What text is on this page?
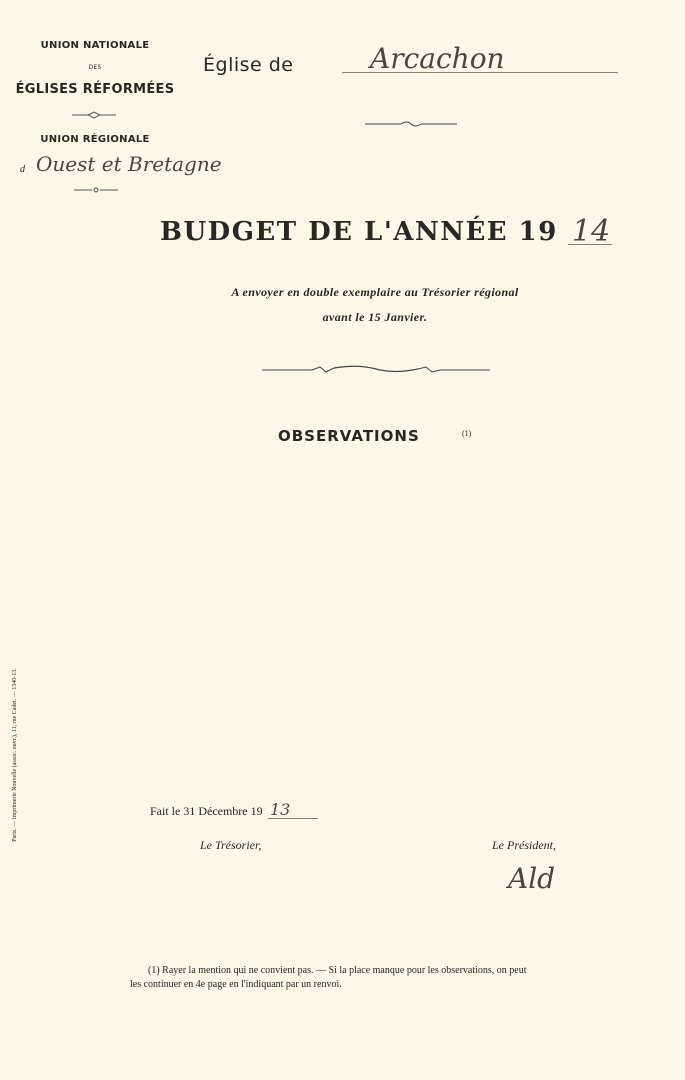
UNION NATIONALE
DES
ÉGLISES RÉFORMÉES
UNION RÉGIONALE
d Ouest et Bretagne
Église de	Arcachon
BUDGET DE L'ANNÉE 19 14
A envoyer en double exemplaire au Trésorier régional
avant le 15 Janvier.
OBSERVATIONS	(1)
Paris. — Imprimerie Nouvelle (assoc. ouvr.), 11, rue Cadet. — 1340-13.	Fait le 31 Décembre 19 13
Le Trésorier,	Le Président,
Ald
(1) Rayer la mention qui ne convient pas. — Si la place manque pour les observations, on peut
les continuer en 4e page en l'indiquant par un renvoi.
